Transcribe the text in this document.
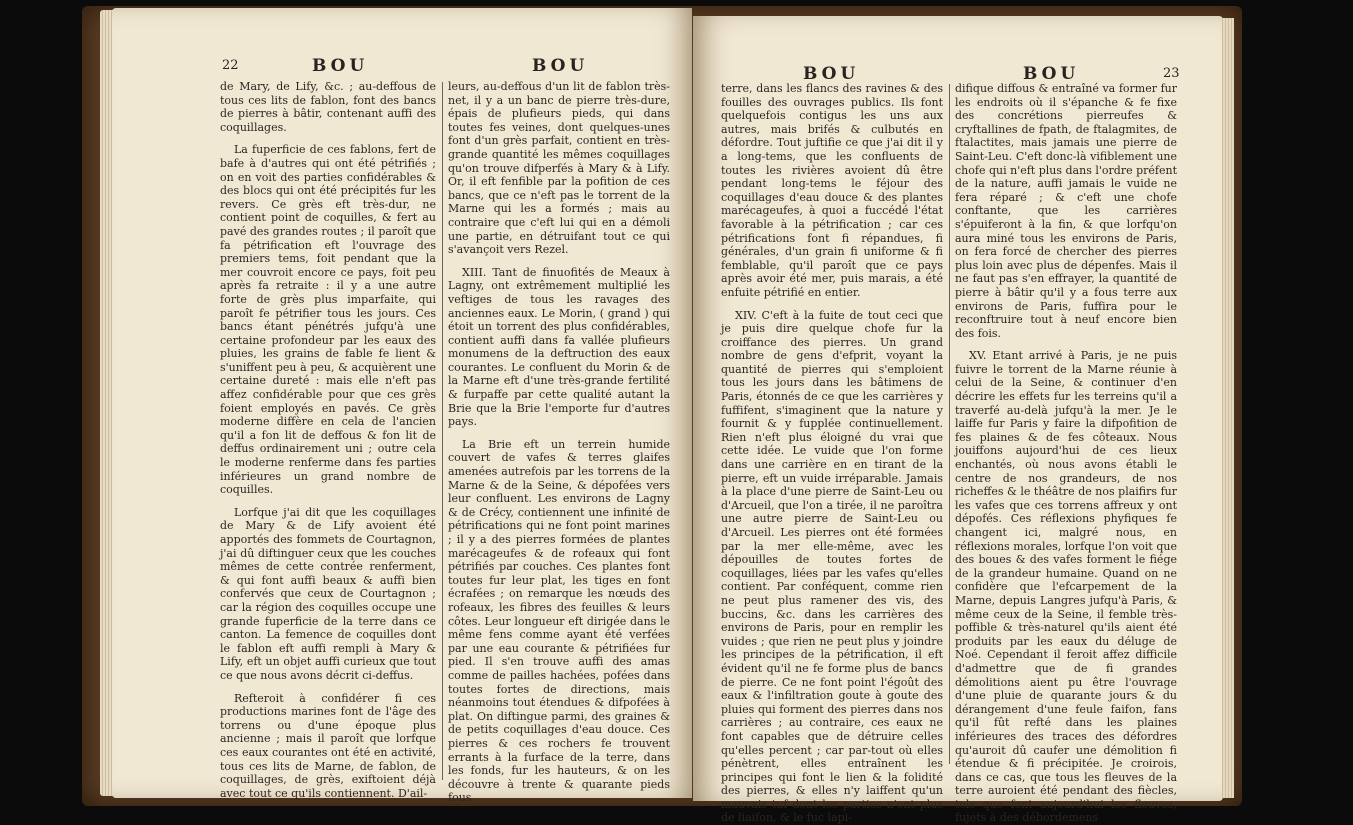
22	BOU	BOU

de Mary, de Lify, &c. ; au-deffous de tous ces lits de fablon, font des bancs de pierres à bâtir, contenant auffi des coquillages.

La fuperficie de ces fablons, fert de bafe à d'autres qui ont été pétrifiés ; on en voit des parties confidérables & des blocs qui ont été précipités fur les revers. Ce grès eft très-dur, ne contient point de coquilles, & fert au pavé des grandes routes ; il paroît que fa pétrification eft l'ouvrage des premiers tems, foit pendant que la mer couvroit encore ce pays, foit peu après fa retraite : il y a une autre forte de grès plus imparfaite, qui paroît fe pétrifier tous les jours. Ces bancs étant pénétrés jufqu'à une certaine profondeur par les eaux des pluies, les grains de fable fe lient & s'uniffent peu à peu, & acquièrent une certaine dureté : mais elle n'eft pas affez confidérable pour que ces grès foient employés en pavés. Ce grès moderne diffère en cela de l'ancien qu'il a fon lit de deffous & fon lit de deffus ordinairement uni ; outre cela le moderne renferme dans fes parties inférieures un grand nombre de coquilles.

Lorfque j'ai dit que les coquillages de Mary & de Lify avoient été apportés des fommets de Courtagnon, j'ai dû diftinguer ceux que les couches mêmes de cette contrée renferment, & qui font auffi beaux & auffi bien confervés que ceux de Courtagnon ; car la région des coquilles occupe une grande fuperficie de la terre dans ce canton. La femence de coquilles dont le fablon eft auffi rempli à Mary & Lify, eft un objet auffi curieux que tout ce que nous avons décrit ci-deffus.

Refteroit à confidérer fi ces productions marines font de l'âge des torrens ou d'une époque plus ancienne ; mais il paroît que lorfque ces eaux courantes ont été en activité, tous ces lits de Marne, de fablon, de coquillages, de grès, exiftoient déjà avec tout ce qu'ils contiennent. D'ail-

leurs, au-deffous d'un lit de fablon très-net, il y a un banc de pierre très-dure, épais de plufieurs pieds, qui dans toutes fes veines, dont quelques-unes font d'un grès parfait, contient en très-grande quantité les mêmes coquillages qu'on trouve difperfés à Mary & à Lify. Or, il eft fenfible par la pofition de ces bancs, que ce n'eft pas le torrent de la Marne qui les a formés ; mais au contraire que c'eft lui qui en a démoli une partie, en détruifant tout ce qui s'avançoit vers Rezel.

XIII. Tant de finuofités de Meaux à Lagny, ont extrêmement multiplié les veftiges de tous les ravages des anciennes eaux. Le Morin, ( grand ) qui étoit un torrent des plus confidérables, contient auffi dans fa vallée plufieurs monumens de la deftruction des eaux courantes. Le confluent du Morin & de la Marne eft d'une très-grande fertilité & furpaffe par cette qualité autant la Brie que la Brie l'emporte fur d'autres pays.

La Brie eft un terrein humide couvert de vafes & terres glaifes amenées autrefois par les torrens de la Marne & de la Seine, & dépofées vers leur confluent. Les environs de Lagny & de Crécy, contiennent une infinité de pétrifications qui ne font point marines ; il y a des pierres formées de plantes marécageufes & de rofeaux qui font pétrifiés par couches. Ces plantes font toutes fur leur plat, les tiges en font écrafées ; on remarque les nœuds des rofeaux, les fibres des feuilles & leurs côtes. Leur longueur eft dirigée dans le même fens comme ayant été verfées par une eau courante & pétrifiées fur pied. Il s'en trouve auffi des amas comme de pailles hachées, pofées dans toutes fortes de directions, mais néanmoins tout étendues & difpofées à plat. On diftingue parmi, des graines & de petits coquillages d'eau douce. Ces pierres & ces rochers fe trouvent errants à la furface de la terre, dans les fonds, fur les hauteurs, & on les découvre à trente & quarante pieds fous

BOU	BOU	23

terre, dans les flancs des ravines & des fouilles des ouvrages publics. Ils font quelquefois contigus les uns aux autres, mais brifés & culbutés en défordre. Tout juftifie ce que j'ai dit il y a long-tems, que les confluents de toutes les rivières avoient dû être pendant long-tems le féjour des coquillages d'eau douce & des plantes marécageufes, à quoi a fuccédé l'état favorable à la pétrification ; car ces pétrifications font fi répandues, fi générales, d'un grain fi uniforme & fi femblable, qu'il paroît que ce pays après avoir été mer, puis marais, a été enfuite pétrifié en entier.

XIV. C'eft à la fuite de tout ceci que je puis dire quelque chofe fur la croiffance des pierres. Un grand nombre de gens d'efprit, voyant la quantité de pierres qui s'emploient tous les jours dans les bâtimens de Paris, étonnés de ce que les carrières y fuffifent, s'imaginent que la nature y fournit & y fupplée continuellement. Rien n'eft plus éloigné du vrai que cette idée. Le vuide que l'on forme dans une carrière en en tirant de la pierre, eft un vuide irréparable. Jamais à la place d'une pierre de Saint-Leu ou d'Arcueil, que l'on a tirée, il ne paroîtra une autre pierre de Saint-Leu ou d'Arcueil. Les pierres ont été formées par la mer elle-même, avec les dépouilles de toutes fortes de coquillages, liées par les vafes qu'elles contient. Par conféquent, comme rien ne peut plus ramener des vis, des buccins, &c. dans les carrières des environs de Paris, pour en remplir les vuides ; que rien ne peut plus y joindre les principes de la pétrification, il eft évident qu'il ne fe forme plus de bancs de pierre. Ce ne font point l'égoût des eaux & l'infiltration goute à goute des pluies qui forment des pierres dans nos carrières ; au contraire, ces eaux ne font capables que de détruire celles qu'elles percent ; car par-tout où elles pénètrent, elles entraînent les principes qui font le lien & la folidité des pierres, & elles n'y laiffent qu'un mauvais tuf dont les parties n'ont plus de liaifon, & le fuc lapi-

difique diffous & entraîné va former fur les endroits où il s'épanche & fe fixe des concrétions pierreufes & cryftallines de fpath, de ftalagmites, de ftalactites, mais jamais une pierre de Saint-Leu. C'eft donc-là vifiblement une chofe qui n'eft plus dans l'ordre préfent de la nature, auffi jamais le vuide ne fera réparé ; & c'eft une chofe conftante, que les carrières s'épuiferont à la fin, & que lorfqu'on aura miné tous les environs de Paris, on fera forcé de chercher des pierres plus loin avec plus de dépenfes. Mais il ne faut pas s'en effrayer, la quantité de pierre à bâtir qu'il y a fous terre aux environs de Paris, fuffira pour le reconftruire tout à neuf encore bien des fois.

XV. Etant arrivé à Paris, je ne puis fuivre le torrent de la Marne réunie à celui de la Seine, & continuer d'en décrire les effets fur les terreins qu'il a traverfé au-delà jufqu'à la mer. Je le laiffe fur Paris y faire la difpofition de fes plaines & de fes côteaux. Nous jouiffons aujourd'hui de ces lieux enchantés, où nous avons établi le centre de nos grandeurs, de nos richeffes & le théâtre de nos plaifirs fur les vafes que ces torrens affreux y ont dépofés. Ces réflexions phyfiques fe changent ici, malgré nous, en réflexions morales, lorfque l'on voit que des boues & des vafes forment le fiége de la grandeur humaine. Quand on ne confidère que l'efcarpement de la Marne, depuis Langres jufqu'à Paris, & même ceux de la Seine, il femble très-poffible & très-naturel qu'ils aient été produits par les eaux du déluge de Noé. Cependant il feroit affez difficile d'admettre que de fi grandes démolitions aient pu être l'ouvrage d'une pluie de quarante jours & du dérangement d'une feule faifon, fans qu'il fût refté dans les plaines inférieures des traces des défordres qu'auroit dû caufer une démolition fi étendue & fi précipitée. Je croirois, dans ce cas, que tous les fleuves de la terre auroient été pendant des fiècles, tels que font aujourd'hui les fleuves, fujets à des débordemens
